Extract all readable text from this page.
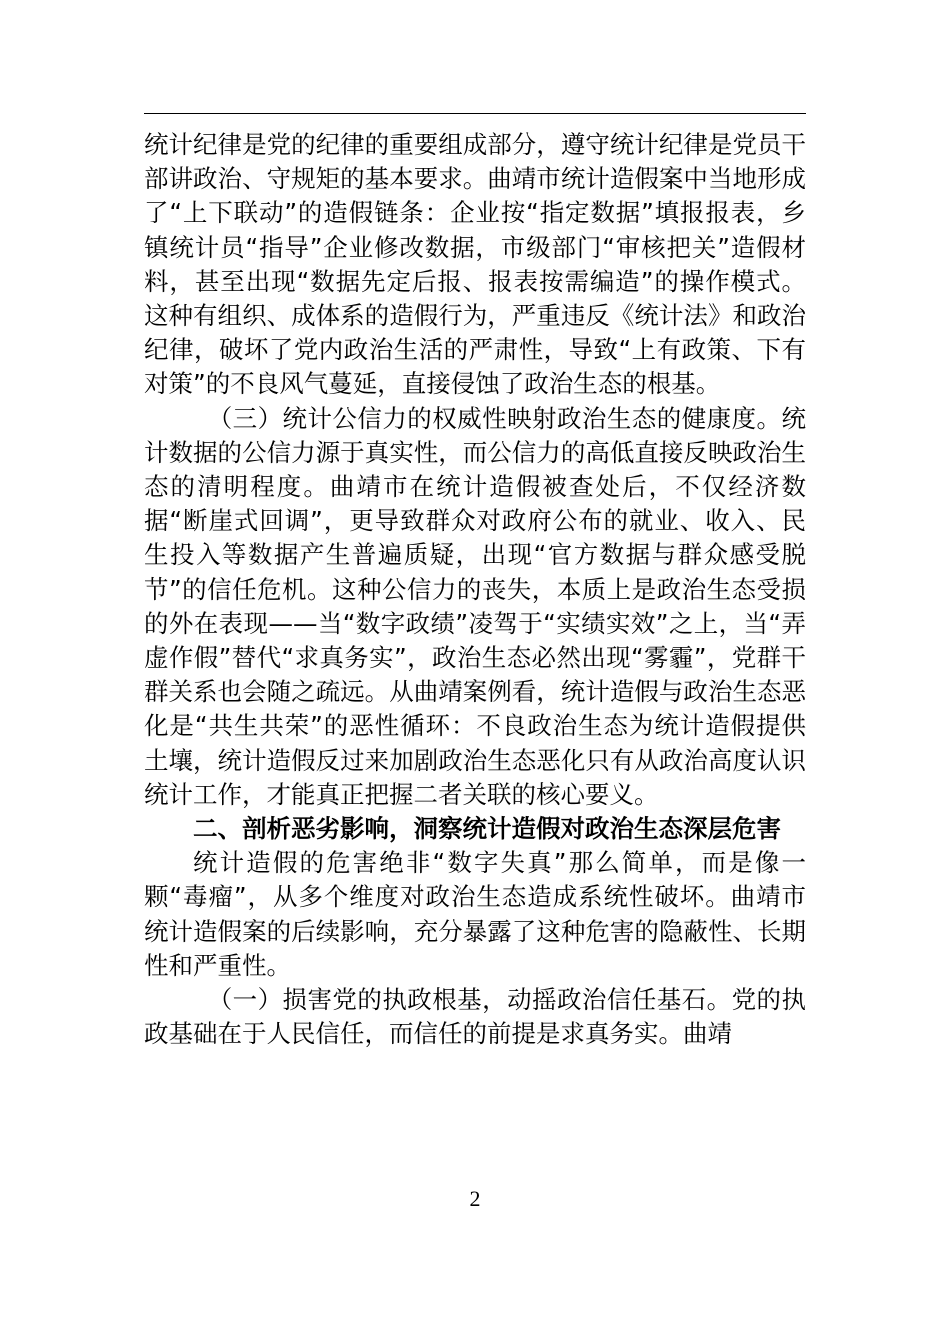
统计纪律是党的纪律的重要组成部分，遵守统计纪律是党员干部讲政治、守规矩的基本要求。曲靖市统计造假案中当地形成了“上下联动”的造假链条：企业按“指定数据”填报报表，乡镇统计员“指导”企业修改数据，市级部门“审核把关”造假材料，甚至出现“数据先定后报、报表按需编造”的操作模式。这种有组织、成体系的造假行为，严重违反《统计法》和政治纪律，破坏了党内政治生活的严肃性，导致“上有政策、下有对策”的不良风气蔓延，直接侵蚀了政治生态的根基。

（三）统计公信力的权威性映射政治生态的健康度。统计数据的公信力源于真实性，而公信力的高低直接反映政治生态的清明程度。曲靖市在统计造假被查处后，不仅经济数据“断崖式回调”，更导致群众对政府公布的就业、收入、民生投入等数据产生普遍质疑，出现“官方数据与群众感受脱节”的信任危机。这种公信力的丧失，本质上是政治生态受损的外在表现——当“数字政绩”凌驾于“实绩实效”之上，当“弄虚作假”替代“求真务实”，政治生态必然出现“雾霾”，党群干群关系也会随之疏远。从曲靖案例看，统计造假与政治生态恶化是“共生共荣”的恶性循环：不良政治生态为统计造假提供土壤，统计造假反过来加剧政治生态恶化只有从政治高度认识统计工作，才能真正把握二者关联的核心要义。

二、剖析恶劣影响，洞察统计造假对政治生态深层危害

统计造假的危害绝非“数字失真”那么简单，而是像一颗“毒瘤”，从多个维度对政治生态造成系统性破坏。曲靖市统计造假案的后续影响，充分暴露了这种危害的隐蔽性、长期性和严重性。

（一）损害党的执政根基，动摇政治信任基石。党的执政基础在于人民信任，而信任的前提是求真务实。曲靖

2
